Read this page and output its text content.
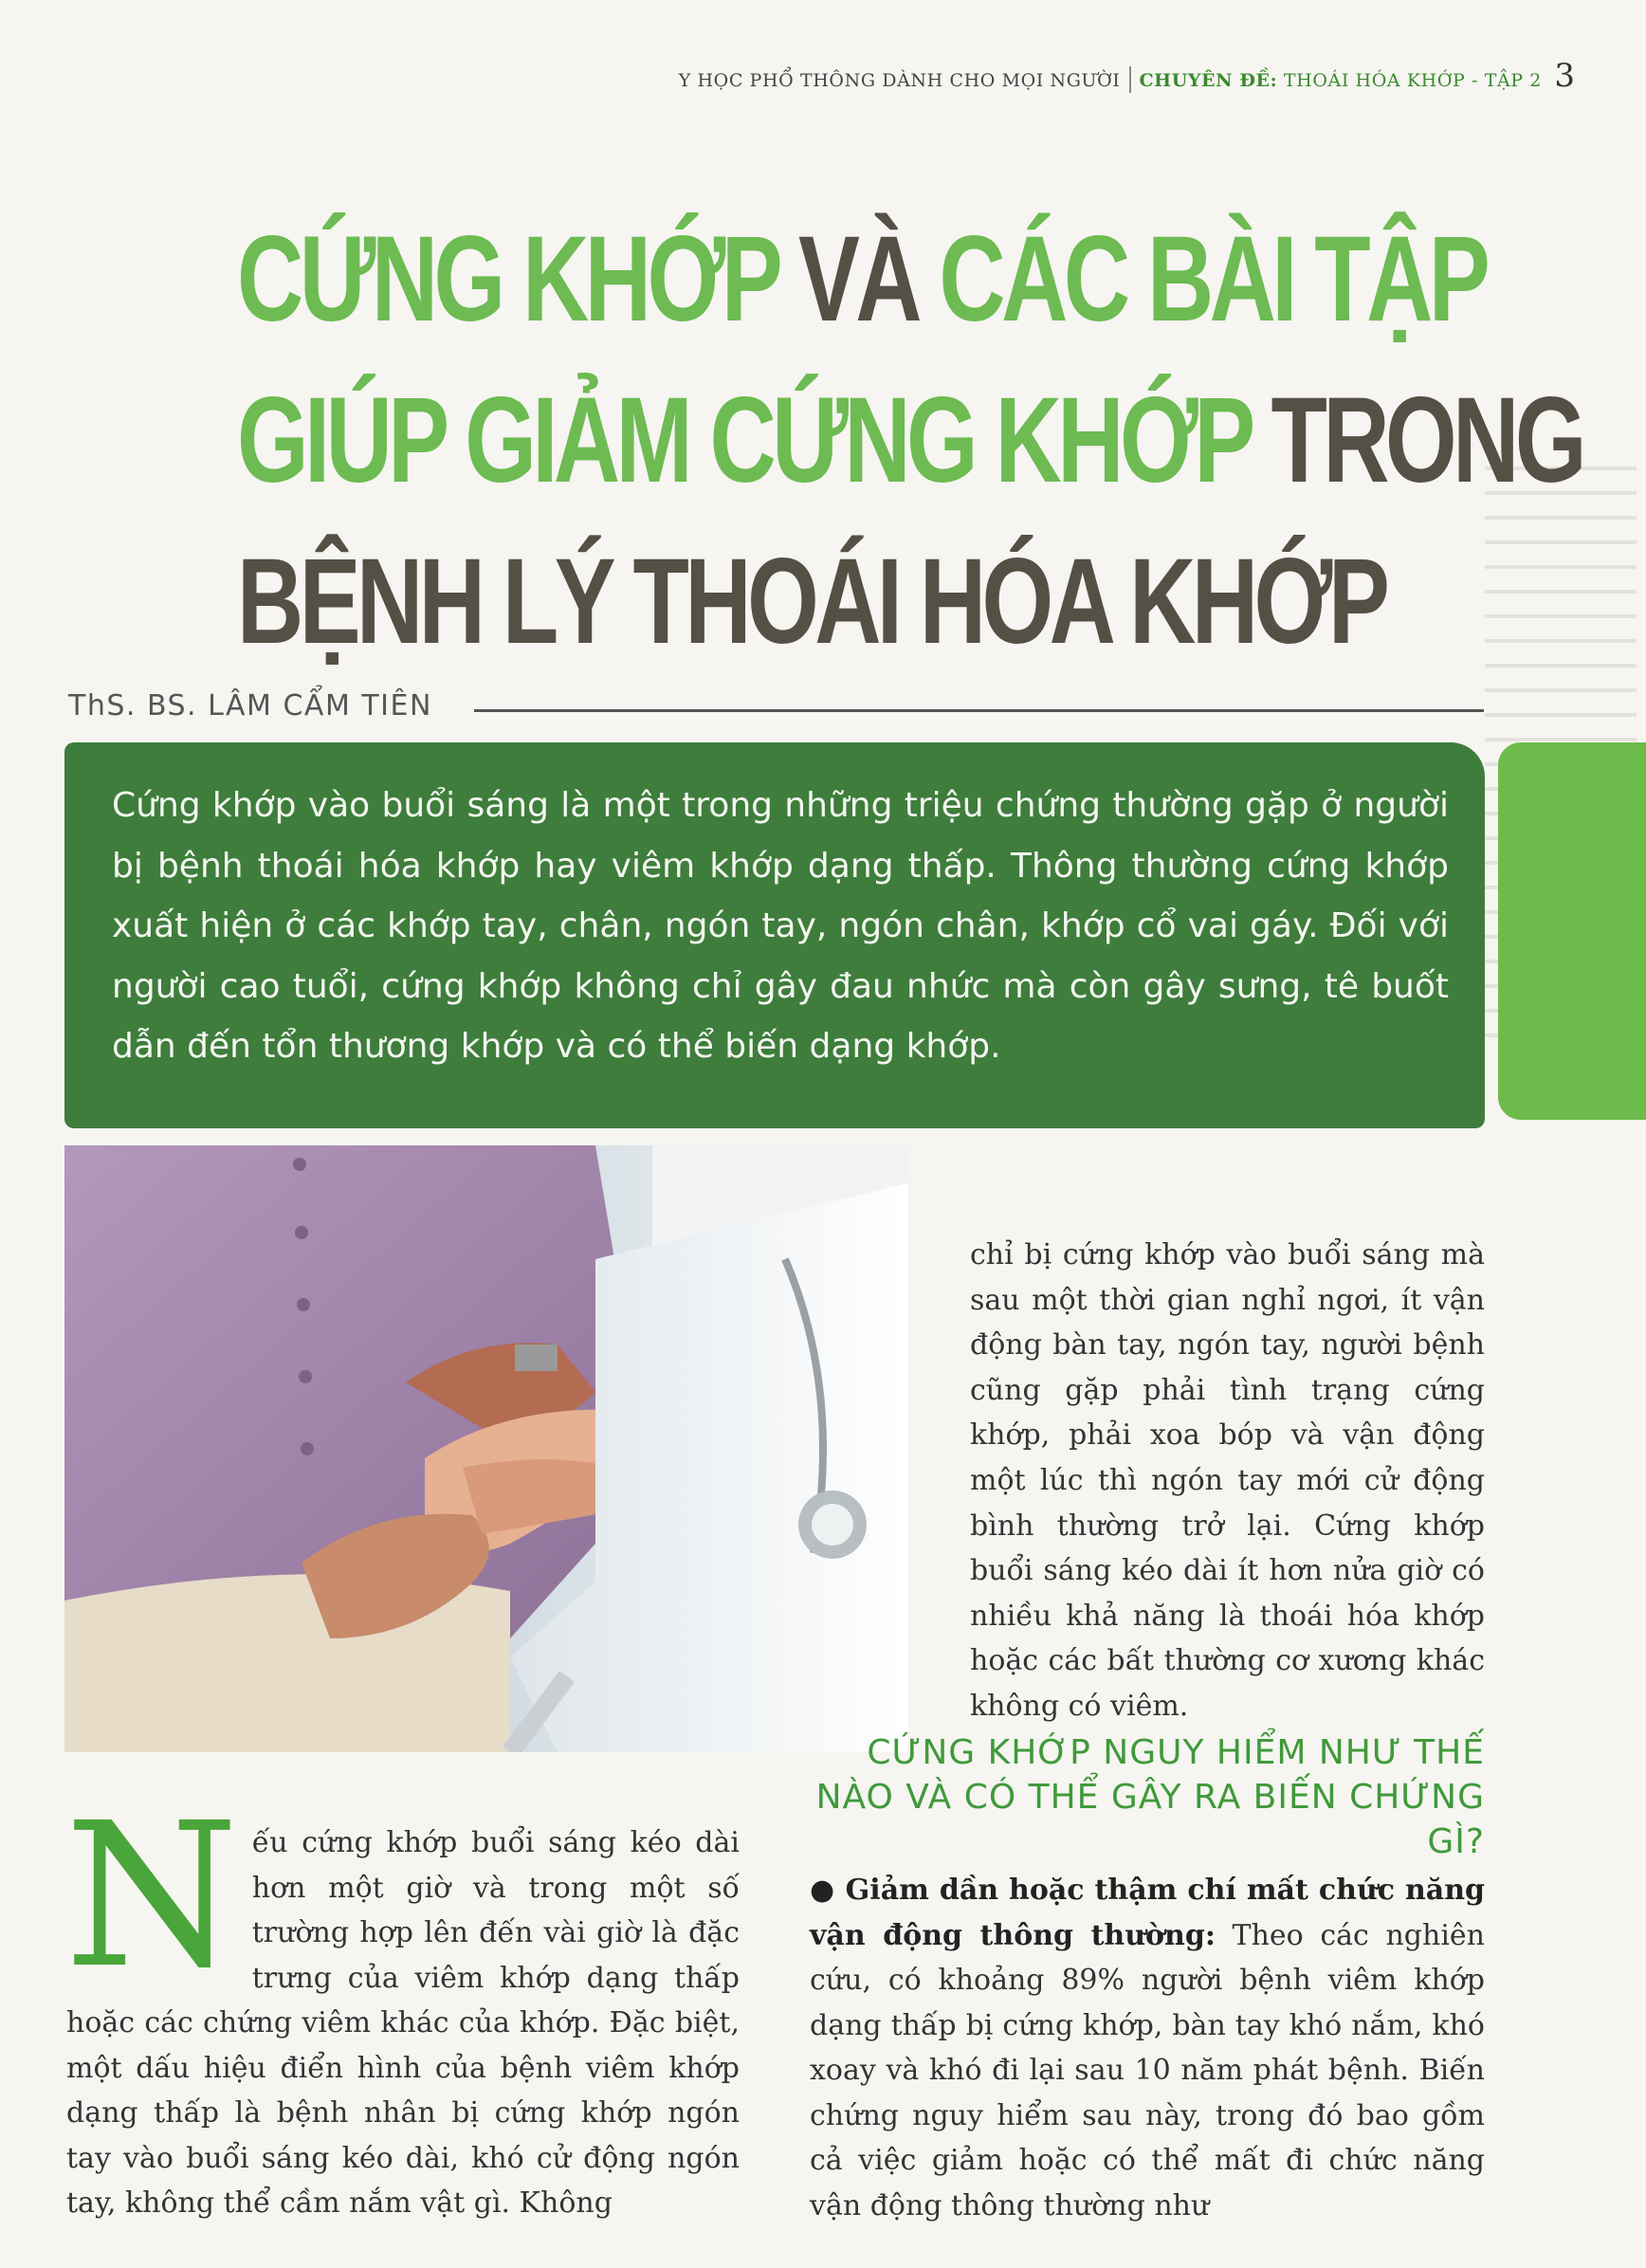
Y HỌC PHỔ THÔNG DÀNH CHO MỌI NGƯỜI CHUYÊN ĐỀ: THOÁI HÓA KHỚP - TẬP 2 3
CỨNG KHỚP VÀ CÁC BÀI TẬP
GIÚP GIẢM CỨNG KHỚP TRONG
BỆNH LÝ THOÁI HÓA KHỚP
ThS. BS. LÂM CẨM TIÊN
Cứng khớp vào buổi sáng là một trong những triệu chứng thường gặp ở người bị bệnh thoái hóa khớp hay viêm khớp dạng thấp. Thông thường cứng khớp xuất hiện ở các khớp tay, chân, ngón tay, ngón chân, khớp cổ vai gáy. Đối với người cao tuổi, cứng khớp không chỉ gây đau nhức mà còn gây sưng, tê buốt dẫn đến tổn thương khớp và có thể biến dạng khớp.
chỉ bị cứng khớp vào buổi sáng mà sau một thời gian nghỉ ngơi, ít vận động bàn tay, ngón tay, người bệnh cũng gặp phải tình trạng cứng khớp, phải xoa bóp và vận động một lúc thì ngón tay mới cử động bình thường trở lại. Cứng khớp buổi sáng kéo dài ít hơn nửa giờ có nhiều khả năng là thoái hóa khớp hoặc các bất thường cơ xương khác không có viêm.
CỨNG KHỚP NGUY HIỂM NHƯ THẾ NÀO VÀ CÓ THỂ GÂY RA BIẾN CHỨNG GÌ?
Nếu cứng khớp buổi sáng kéo dài hơn một giờ và trong một số trường hợp lên đến vài giờ là đặc trưng của viêm khớp dạng thấp hoặc các chứng viêm khác của khớp. Đặc biệt, một dấu hiệu điển hình của bệnh viêm khớp dạng thấp là bệnh nhân bị cứng khớp ngón tay vào buổi sáng kéo dài, khó cử động ngón tay, không thể cầm nắm vật gì. Không
● Giảm dần hoặc thậm chí mất chức năng vận động thông thường: Theo các nghiên cứu, có khoảng 89% người bệnh viêm khớp dạng thấp bị cứng khớp, bàn tay khó nắm, khó xoay và khó đi lại sau 10 năm phát bệnh. Biến chứng nguy hiểm sau này, trong đó bao gồm cả việc giảm hoặc có thể mất đi chức năng vận động thông thường như
